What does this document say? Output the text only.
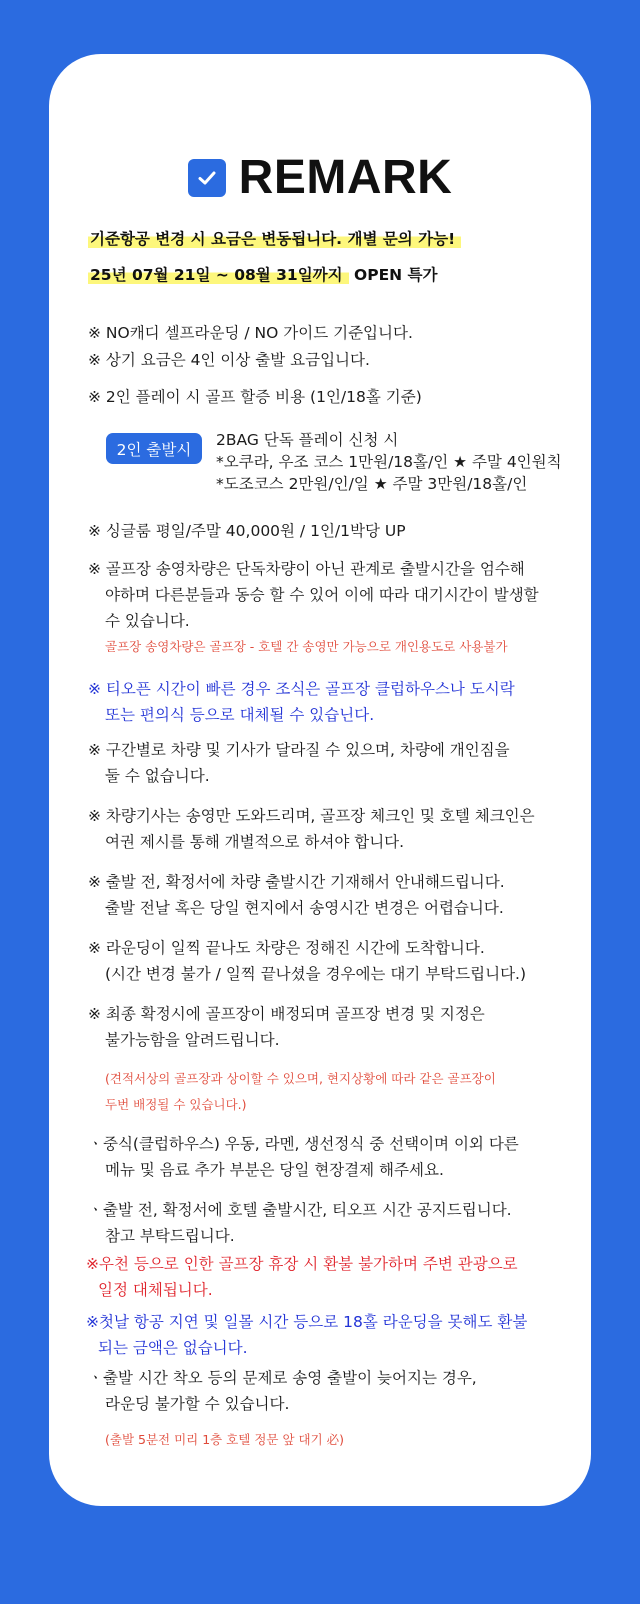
REMARK
기준항공 변경 시 요금은 변동됩니다. 개별 문의 가능!
25년 07월 21일 ~ 08월 31일까지 OPEN 특가
※ NO캐디 셀프라운딩 / NO 가이드 기준입니다.
※ 상기 요금은 4인 이상 출발 요금입니다.
※ 2인 플레이 시 골프 할증 비용 (1인/18홀 기준)
2인 출발시
2BAG 단독 플레이 신청 시
*오쿠라, 우조 코스 1만원/18홀/인 ★ 주말 4인원칙
*도조코스 2만원/인/일 ★ 주말 3만원/18홀/인
※ 싱글룸 평일/주말 40,000원 / 1인/1박당 UP
※ 골프장 송영차량은 단독차량이 아닌 관계로 출발시간을 엄수해
야하며 다른분들과 동승 할 수 있어 이에 따라 대기시간이 발생할
수 있습니다.
골프장 송영차량은 골프장 - 호텔 간 송영만 가능으로 개인용도로 사용불가
※ 티오픈 시간이 빠른 경우 조식은 골프장 클럽하우스나 도시락
또는 편의식 등으로 대체될 수 있습닌다.
※ 구간별로 차량 및 기사가 달라질 수 있으며, 차량에 개인짐을
둘 수 없습니다.
※ 차량기사는 송영만 도와드리며, 골프장 체크인 및 호텔 체크인은
여권 제시를 통해 개별적으로 하셔야 합니다.
※ 출발 전, 확정서에 차량 출발시간 기재해서 안내해드립니다.
출발 전날 혹은 당일 현지에서 송영시간 변경은 어렵습니다.
※ 라운딩이 일찍 끝나도 차량은 정해진 시간에 도착합니다.
(시간 변경 불가 / 일찍 끝나셨을 경우에는 대기 부탁드립니다.)
※ 최종 확정시에 골프장이 배정되며 골프장 변경 및 지정은
불가능함을 알려드립니다.
(견적서상의 골프장과 상이할 수 있으며, 현지상황에 따라 같은 골프장이
두번 배정될 수 있습니다.)
ㆍ중식(클럽하우스) 우동, 라멘, 생선정식 중 선택이며 이외 다른
메뉴 및 음료 추가 부분은 당일 현장결제 해주세요.
ㆍ출발 전, 확정서에 호텔 출발시간, 티오프 시간 공지드립니다.
참고 부탁드립니다.
※우천 등으로 인한 골프장 휴장 시 환불 불가하며 주변 관광으로
일정 대체됩니다.
※첫날 항공 지연 및 일몰 시간 등으로 18홀 라운딩을 못해도 환불
되는 금액은 없습니다.
ㆍ출발 시간 착오 등의 문제로 송영 출발이 늦어지는 경우,
라운딩 불가할 수 있습니다.
(출발 5분전 미리 1층 호텔 정문 앞 대기 必)
